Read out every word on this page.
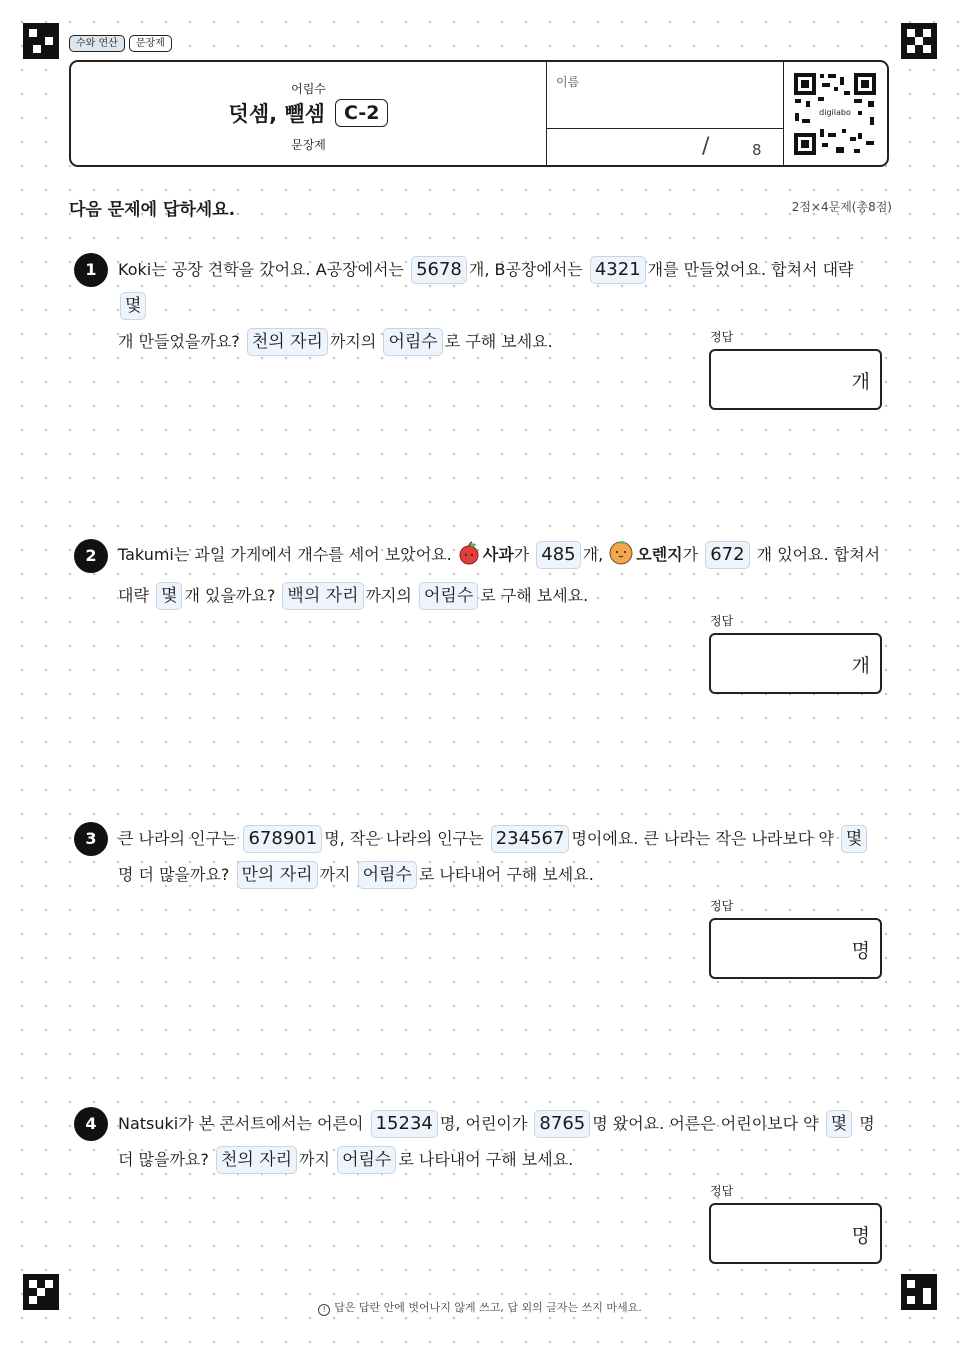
수와 연산	문장제
어림수
덧셈, 뺄셈	C-2
문장제
이름
/	8
digilabo
다음 문제에 답하세요.	2점×4문제(총8점)
1	Koki는 공장 견학을 갔어요. A공장에서는 5678 개, B공장에서는 4321 개를 만들었어요. 합쳐서 대략 몇
개 만들었을까요? 천의 자리 까지의 어림수 로 구해 보세요.	정답
개
2	Takumi는 과일 가게에서 개수를 세어 보았어요. 사과가 485 개, 오렌지가 672 개 있어요. 합쳐서 대략 몇 개 있을까요? 백의 자리 까지의 어림수 로 구해 보세요.
정답
개
3	큰 나라의 인구는 678901 명, 작은 나라의 인구는 234567 명이에요. 큰 나라는 작은 나라보다 약 몇 명 더 많을까요? 만의 자리 까지 어림수 로 나타내어 구해 보세요.
정답
명
4	Natsuki가 본 콘서트에서는 어른이 15234 명, 어린이가 8765 명 왔어요. 어른은 어린이보다 약 몇 명 더 많을까요? 천의 자리 까지 어림수 로 나타내어 구해 보세요.
정답
명
! 답은 답란 안에 벗어나지 않게 쓰고, 답 외의 글자는 쓰지 마세요.
